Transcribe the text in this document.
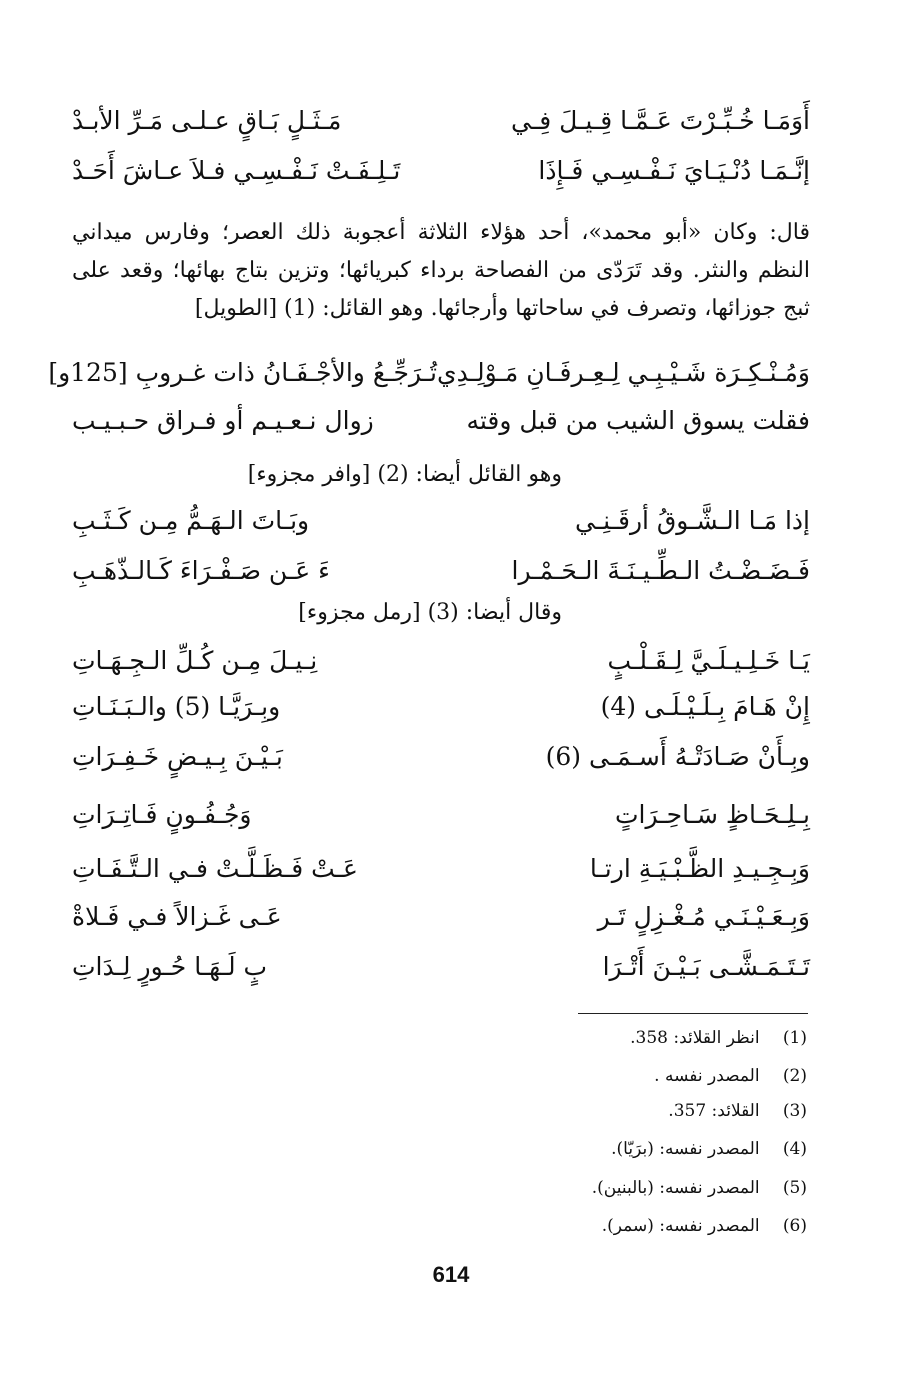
أَوَمَـا خُـبِّـرْتَ عَـمَّـا قِـيـلَ فِـي
مَـثَـلٍ بَـاقٍ عـلـى مَـرِّ الأبـدْ
إنَّـمَـا دُنْـيَـايَ نَـفْـسِـي فَـإِذَا
تَـلِـفَـتْ نَـفْـسِـي فـلاَ عـاشَ أَحَـدْ
قال: وكان «أبو محمد»، أحد هؤلاء الثلاثة أعجوبة ذلك العصر؛ وفارس ميداني النظم والنثر. وقد تَرَدّى من الفصاحة برداء كبريائها؛ وتزين بتاج بهائها؛ وقعد على ثبج جوزائها، وتصرف في ساحاتها وأرجائها. وهو القائل: (1) [الطويل]
وَمُـنْـكِـرَة شَـيْـبِـي لِـعِـرفَـانِ مَـوْلِـدِي
تُـرَجِّـعُ والأجْـفَـانُ ذات غـروبِ [125و]
فقلت يسوق الشيب من قبل وقته
زوال نـعـيـم أو فـراق حـبـيـب
وهو القائل أيضا: (2) [وافر مجزوء]
إذا مَـا الـشَّـوقُ أرقَـنِـي
وبَـاتَ الـهَـمُّ مِـن كَـثَـبِ
فَـضَـضْـتُ الـطِّـيـنَـةَ الـحَـمْـرا
ءَ عَـن صَـفْـرَاءَ كَـالـذّهَـبِ
وقال أيضا: (3) [رمل مجزوء]
يَـا خَـلِـيـلَـيَّ لِـقَـلْـبٍ
نِـيـلَ مِـن كُـلِّ الـجِـهَـاتِ
إِنْ هَـامَ بِـلَـيْـلَـى (4)
وبِـرَيَّـا (5) والـبَـنَـاتِ
وبِـأَنْ صَـادَتْـهُ أَسـمَـى (6)
بَـيْـنَ بِـيـضٍ خَـفِـرَاتِ
بِـلِـحَـاظٍ سَـاحِـرَاتٍ
وَجُـفُـونٍ فَـاتِـرَاتِ
وَبِـجِـيـدِ الظَّـبْـيَـةِ ارتـا
عَـتْ فَـظَـلَّـتْ فـي الـتَّـفَـاتِ
وَبِـعَـيْـنَـي مُـغْـزِلٍ تَـر
عَـى غَـزالاً فـي فَـلاةْ
تَـتَـمَـشَّـى بَـيْـنَ أَتْـرَا
بٍ لَـهَـا حُـورٍ لِـدَاتِ
(1) انظر القلائد: 358.
(2) المصدر نفسه .
(3) القلائد: 357.
(4) المصدر نفسه: (برَيّا).
(5) المصدر نفسه: (بالبنين).
(6) المصدر نفسه: (سمر).
614
